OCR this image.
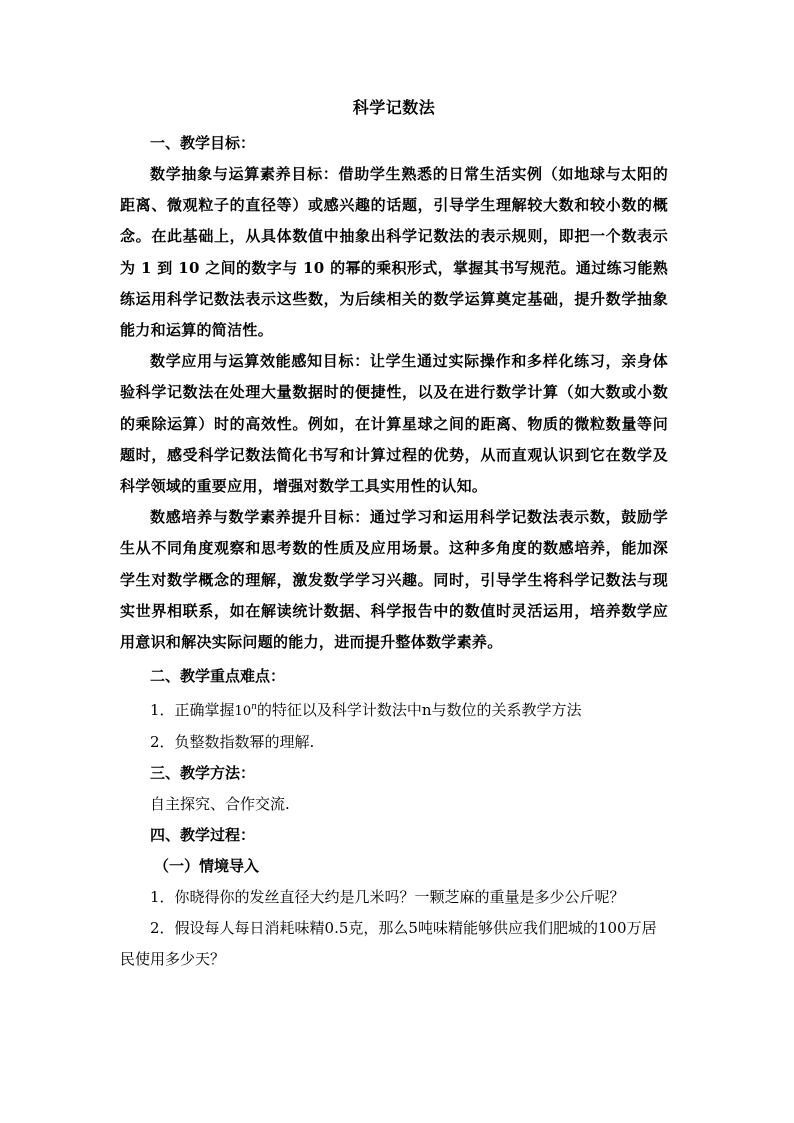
科学记数法

一、教学目标：

数学抽象与运算素养目标：借助学生熟悉的日常生活实例（如地球与太阳的距离、微观粒子的直径等）或感兴趣的话题，引导学生理解较大数和较小数的概念。在此基础上，从具体数值中抽象出科学记数法的表示规则，即把一个数表示为 1 到 10 之间的数字与 10 的幂的乘积形式，掌握其书写规范。通过练习能熟练运用科学记数法表示这些数，为后续相关的数学运算奠定基础，提升数学抽象能力和运算的简洁性。

数学应用与运算效能感知目标：让学生通过实际操作和多样化练习，亲身体验科学记数法在处理大量数据时的便捷性，以及在进行数学计算（如大数或小数的乘除运算）时的高效性。例如，在计算星球之间的距离、物质的微粒数量等问题时，感受科学记数法简化书写和计算过程的优势，从而直观认识到它在数学及科学领域的重要应用，增强对数学工具实用性的认知。

数感培养与数学素养提升目标：通过学习和运用科学记数法表示数，鼓励学生从不同角度观察和思考数的性质及应用场景。这种多角度的数感培养，能加深学生对数学概念的理解，激发数学学习兴趣。同时，引导学生将科学记数法与现实世界相联系，如在解读统计数据、科学报告中的数值时灵活运用，培养数学应用意识和解决实际问题的能力，进而提升整体数学素养。

二、教学重点难点：

1．正确掌握10$^n$的特征以及科学计数法中n与数位的关系教学方法

2．负整数指数幂的理解.

三、教学方法：

自主探究、合作交流.

四、教学过程：

（一）情境导入

1．你晓得你的发丝直径大约是几米吗？一颗芝麻的重量是多少公斤呢？

2．假设每人每日消耗味精0.5克，那么5吨味精能够供应我们肥城的100万居民使用多少天？
